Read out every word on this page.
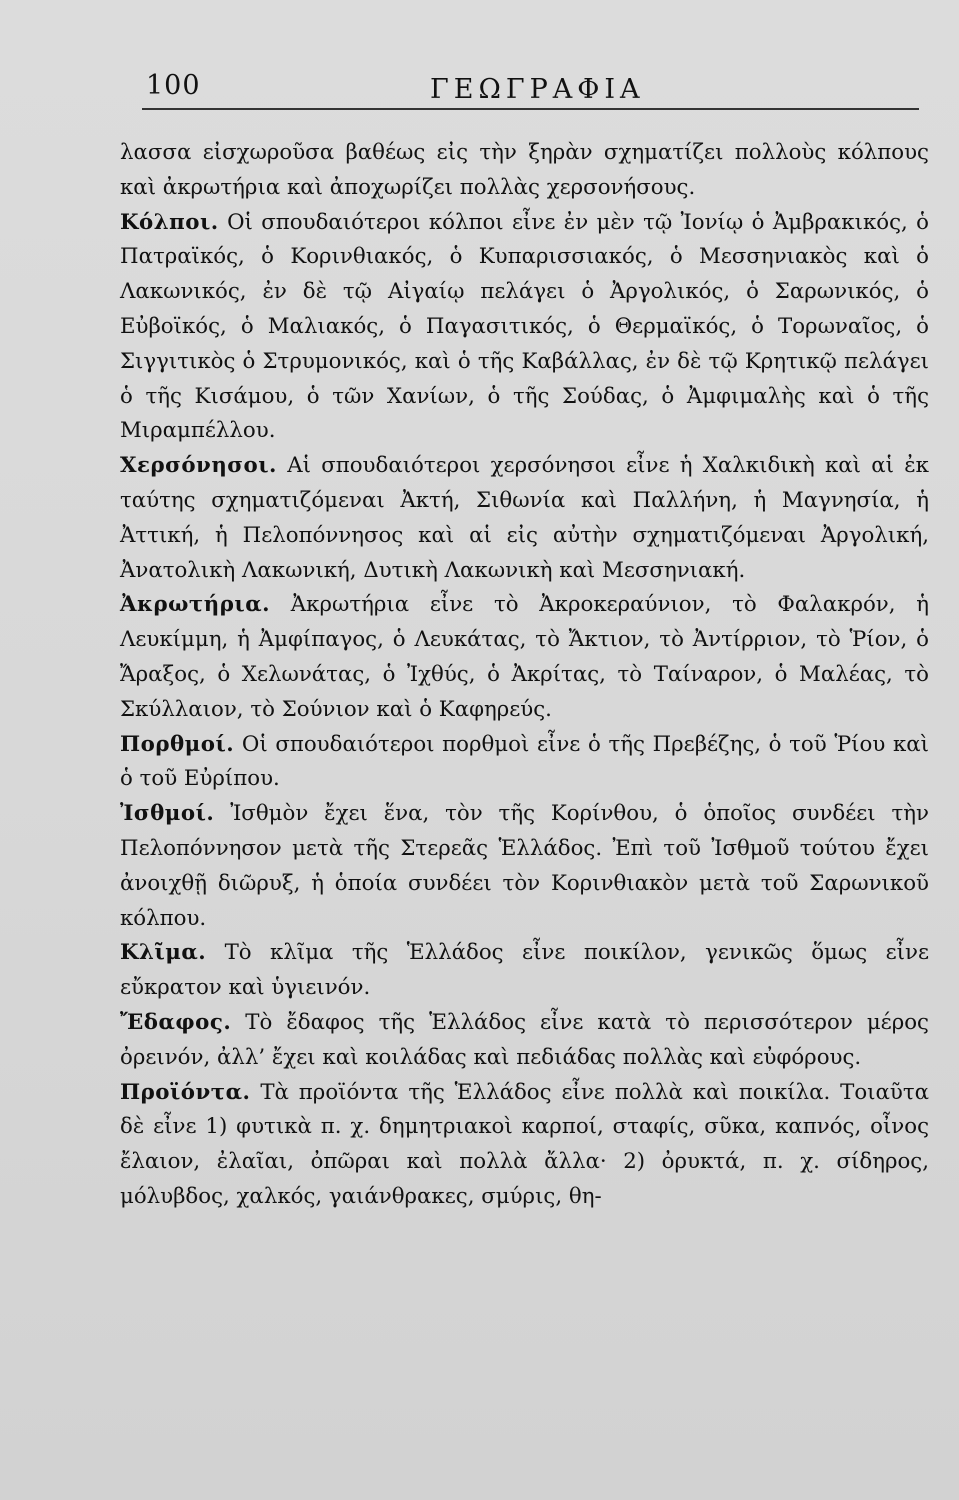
100	ΓΕΩΓΡΑΦΙΑ

λασσα εἰσχωροῦσα βαθέως εἰς τὴν ξηρὰν σχηματίζει πολλοὺς κόλπους καὶ ἀκρωτήρια καὶ ἀποχωρίζει πολλὰς χερσονήσους.

Κόλποι. Οἱ σπουδαιότεροι κόλποι εἶνε ἐν μὲν τῷ Ἰονίῳ ὁ Ἀμβρακικός, ὁ Πατραϊκός, ὁ Κορινθιακός, ὁ Κυπαρισσιακός, ὁ Μεσσηνιακὸς καὶ ὁ Λακωνικός, ἐν δὲ τῷ Αἰγαίῳ πελάγει ὁ Ἀργολικός, ὁ Σαρωνικός, ὁ Εὐβοϊκός, ὁ Μαλιακός, ὁ Παγασιτικός, ὁ Θερμαϊκός, ὁ Τορωναῖος, ὁ Σιγγιτικὸς ὁ Στρυμονικός, καὶ ὁ τῆς Καβάλλας, ἐν δὲ τῷ Κρητικῷ πελάγει ὁ τῆς Κισάμου, ὁ τῶν Χανίων, ὁ τῆς Σούδας, ὁ Ἀμφιμαλὴς καὶ ὁ τῆς Μιραμπέλλου.

Χερσόνησοι. Αἱ σπουδαιότεροι χερσόνησοι εἶνε ἡ Χαλκιδικὴ καὶ αἱ ἐκ ταύτης σχηματιζόμεναι Ἀκτή, Σιθωνία καὶ Παλλήνη, ἡ Μαγνησία, ἡ Ἀττική, ἡ Πελοπόννησος καὶ αἱ εἰς αὐτὴν σχηματιζόμεναι Ἀργολική, Ἀνατολικὴ Λακωνική, Δυτικὴ Λακωνικὴ καὶ Μεσσηνιακή.

Ἀκρωτήρια. Ἀκρωτήρια εἶνε τὸ Ἀκροκεραύνιον, τὸ Φαλακρόν, ἡ Λευκίμμη, ἡ Ἀμφίπαγος, ὁ Λευκάτας, τὸ Ἄκτιον, τὸ Ἀντίρριον, τὸ Ῥίον, ὁ Ἄραξος, ὁ Χελωνάτας, ὁ Ἰχθύς, ὁ Ἀκρίτας, τὸ Ταίναρον, ὁ Μαλέας, τὸ Σκύλλαιον, τὸ Σούνιον καὶ ὁ Καφηρεύς.

Πορθμοί. Οἱ σπουδαιότεροι πορθμοὶ εἶνε ὁ τῆς Πρεβέζης, ὁ τοῦ Ῥίου καὶ ὁ τοῦ Εὐρίπου.

Ἰσθμοί. Ἰσθμὸν ἔχει ἕνα, τὸν τῆς Κορίνθου, ὁ ὁποῖος συνδέει τὴν Πελοπόννησον μετὰ τῆς Στερεᾶς Ἑλλάδος. Ἐπὶ τοῦ Ἰσθμοῦ τούτου ἔχει ἀνοιχθῇ διῶρυξ, ἡ ὁποία συνδέει τὸν Κορινθιακὸν μετὰ τοῦ Σαρωνικοῦ κόλπου.

Κλῖμα. Τὸ κλῖμα τῆς Ἑλλάδος εἶνε ποικίλον, γενικῶς ὅμως εἶνε εὔκρατον καὶ ὑγιεινόν.

Ἔδαφος. Τὸ ἔδαφος τῆς Ἑλλάδος εἶνε κατὰ τὸ περισσότερον μέρος ὀρεινόν, ἀλλ’ ἔχει καὶ κοιλάδας καὶ πεδιάδας πολλὰς καὶ εὐφόρους.

Προϊόντα. Τὰ προϊόντα τῆς Ἑλλάδος εἶνε πολλὰ καὶ ποικίλα. Τοιαῦτα δὲ εἶνε 1) φυτικὰ π. χ. δημητριακοὶ καρποί, σταφίς, σῦκα, καπνός, οἶνος ἔλαιον, ἐλαῖαι, ὀπῶραι καὶ πολλὰ ἄλλα· 2) ὀρυκτά, π. χ. σίδηρος, μόλυβδος, χαλκός, γαιάνθρακες, σμύρις, θη-
